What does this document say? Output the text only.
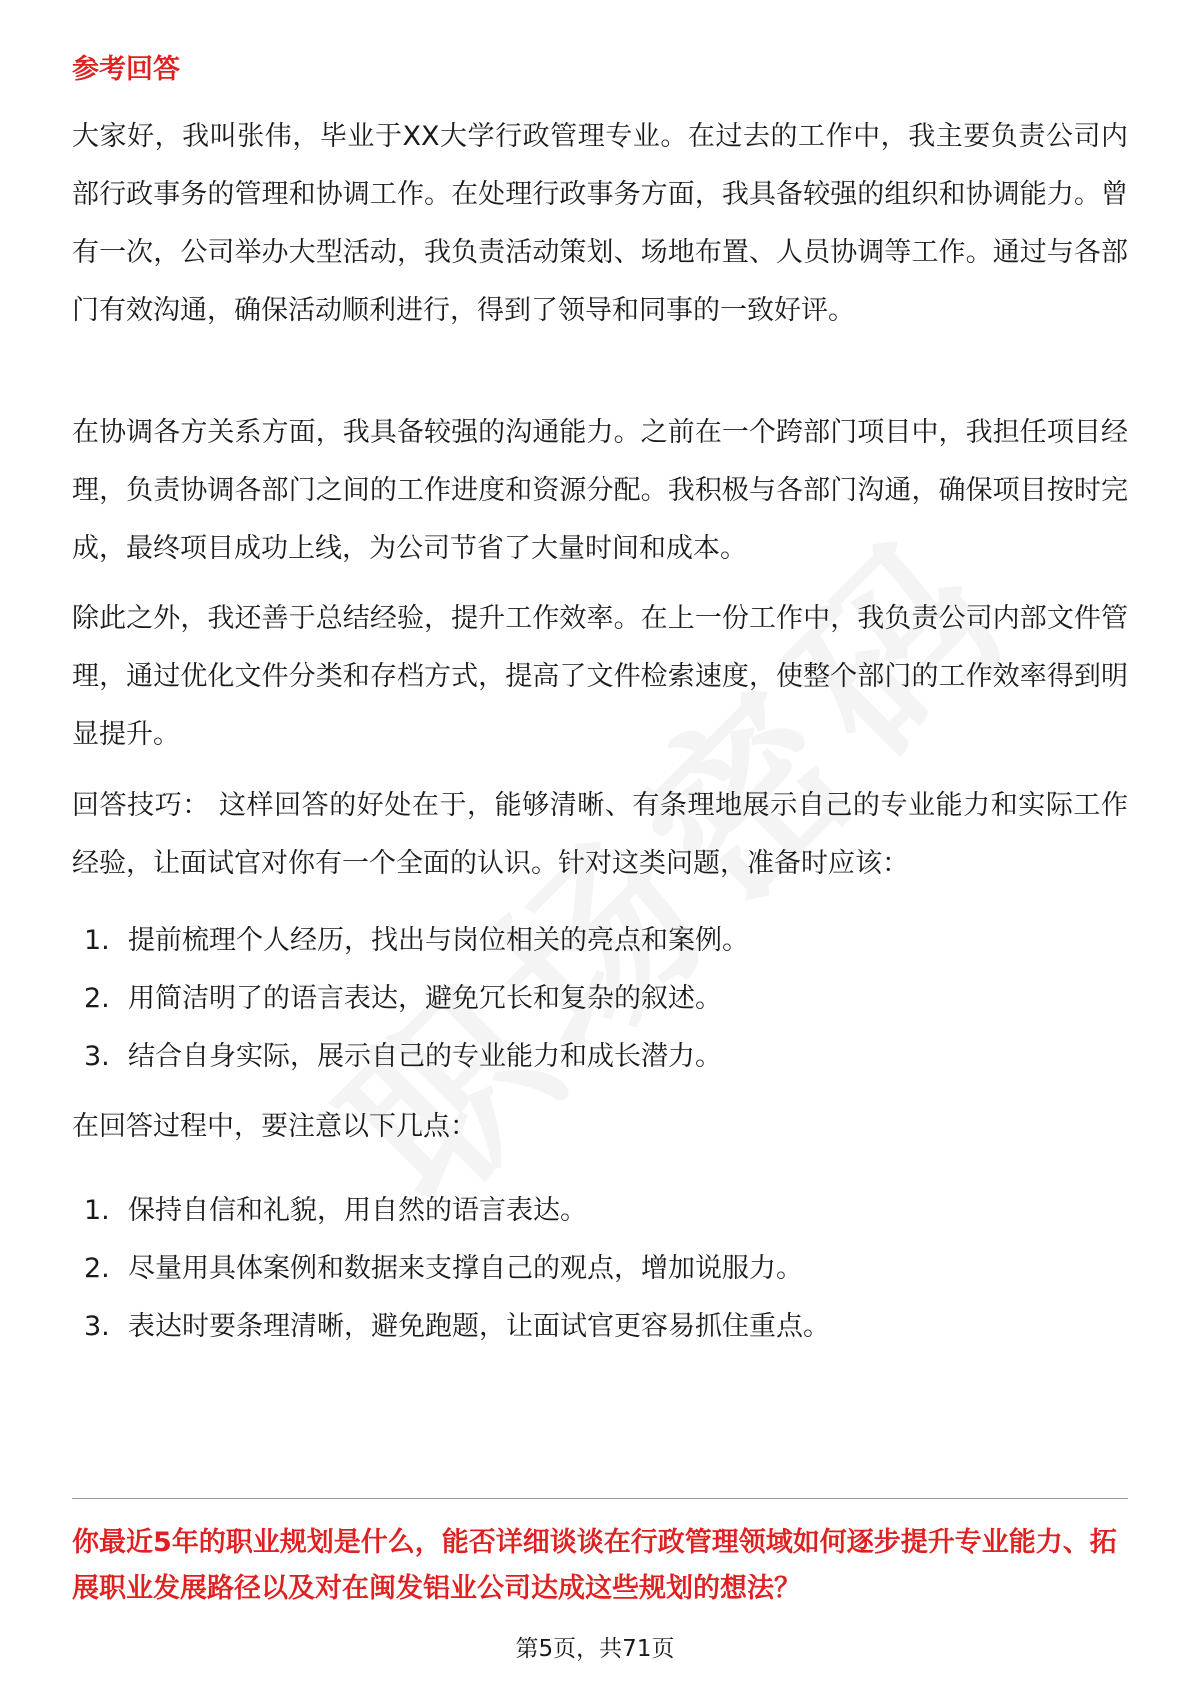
参考回答

大家好，我叫张伟，毕业于XX大学行政管理专业。在过去的工作中，我主要负责公司内部行政事务的管理和协调工作。在处理行政事务方面，我具备较强的组织和协调能力。曾有一次，公司举办大型活动，我负责活动策划、场地布置、人员协调等工作。通过与各部门有效沟通，确保活动顺利进行，得到了领导和同事的一致好评。

在协调各方关系方面，我具备较强的沟通能力。之前在一个跨部门项目中，我担任项目经理，负责协调各部门之间的工作进度和资源分配。我积极与各部门沟通，确保项目按时完成，最终项目成功上线，为公司节省了大量时间和成本。

除此之外，我还善于总结经验，提升工作效率。在上一份工作中，我负责公司内部文件管理，通过优化文件分类和存档方式，提高了文件检索速度，使整个部门的工作效率得到明显提升。

回答技巧： 这样回答的好处在于，能够清晰、有条理地展示自己的专业能力和实际工作经验，让面试官对你有一个全面的认识。针对这类问题，准备时应该：

1. 提前梳理个人经历，找出与岗位相关的亮点和案例。
2. 用简洁明了的语言表达，避免冗长和复杂的叙述。
3. 结合自身实际，展示自己的专业能力和成长潜力。

在回答过程中，要注意以下几点：

1. 保持自信和礼貌，用自然的语言表达。
2. 尽量用具体案例和数据来支撑自己的观点，增加说服力。
3. 表达时要条理清晰，避免跑题，让面试官更容易抓住重点。

你最近5年的职业规划是什么，能否详细谈谈在行政管理领域如何逐步提升专业能力、拓展职业发展路径以及对在闽发铝业公司达成这些规划的想法？

第5页，共71页
